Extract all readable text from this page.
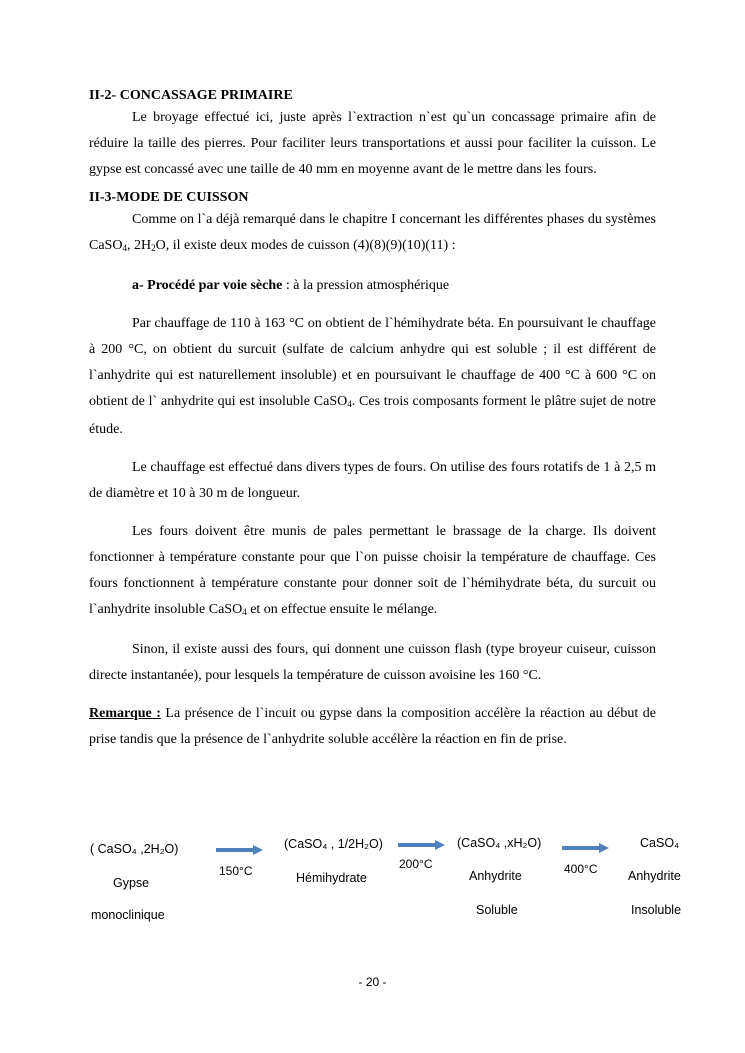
II-2- CONCASSAGE PRIMAIRE

Le broyage effectué ici, juste après l`extraction n`est qu`un concassage primaire afin de réduire la taille des pierres. Pour faciliter leurs transportations et aussi pour faciliter la cuisson. Le gypse est concassé avec une taille de 40 mm en moyenne avant de le mettre dans les fours.

II-3-MODE DE CUISSON

Comme on l`a déjà remarqué dans le chapitre I concernant les différentes phases du systèmes CaSO$_4$, $2H_2O$, il existe deux modes de cuisson (4)(8)(9)(10)(11) :

a- Procédé par voie sèche : à la pression atmosphérique

Par chauffage de 110 à 163 °C on obtient de l`hémihydrate béta. En poursuivant le chauffage à 200 °C, on obtient du surcuit (sulfate de calcium anhydre qui est soluble ; il est différent de l`anhydrite qui est naturellement insoluble) et en poursuivant le chauffage de 400 °C à 600 °C on obtient de l` anhydrite qui est insoluble CaSO$_4$. Ces trois composants forment le plâtre sujet de notre étude.

Le chauffage est effectué dans divers types de fours. On utilise des fours rotatifs de 1 à 2,5 m de diamètre et 10 à 30 m de longueur.

Les fours doivent être munis de pales permettant le brassage de la charge. Ils doivent fonctionner à température constante pour que l`on puisse choisir la température de chauffage. Ces fours fonctionnent à température constante pour donner soit de l`hémihydrate béta, du surcuit ou l`anhydrite insoluble CaSO$_4$ et on effectue ensuite le mélange.

Sinon, il existe aussi des fours, qui donnent une cuisson flash (type broyeur cuiseur, cuisson directe instantanée), pour lesquels la température de cuisson avoisine les 160 °C.

Remarque : La présence de l`incuit ou gypse dans la composition accélère la réaction au début de prise tandis que la présence de l`anhydrite soluble accélère la réaction en fin de prise.

( CaSO₄ ,2H₂O)
Gypse
monoclinique
150°C
(CaSO₄ , 1/2H₂O)
Hémihydrate
200°C
(CaSO₄ ,xH₂O)
Anhydrite
Soluble
400°C
CaSO₄
Anhydrite
Insoluble
- 20 -
